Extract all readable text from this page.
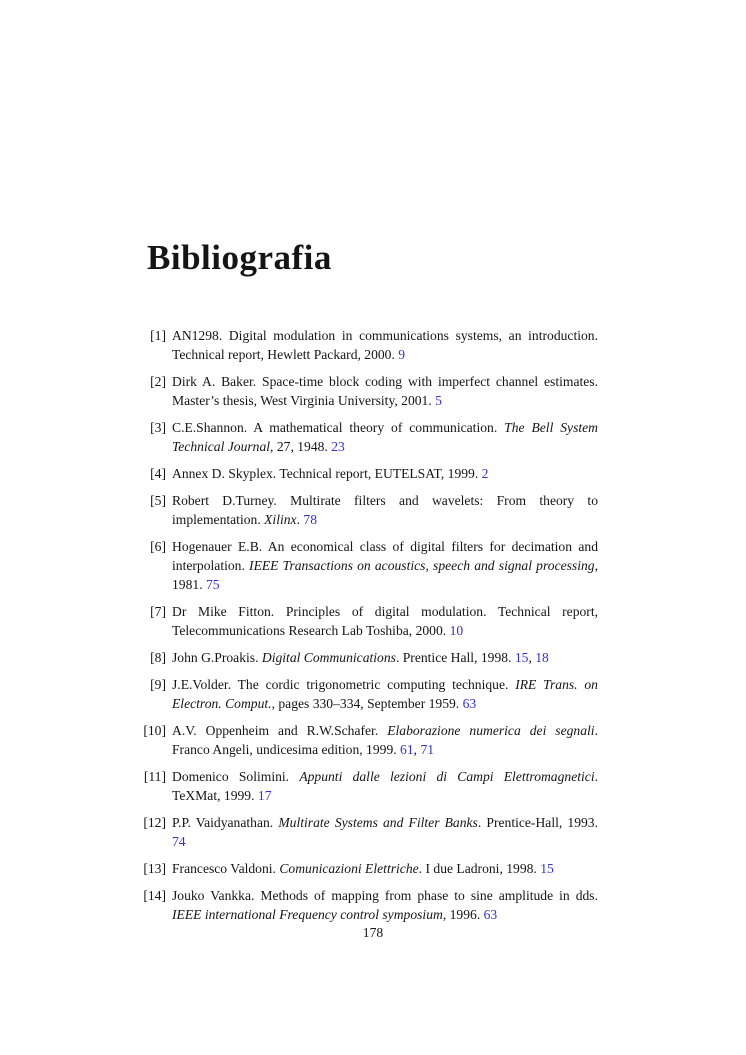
Bibliografia
[1] AN1298. Digital modulation in communications systems, an introduction. Technical report, Hewlett Packard, 2000. 9
[2] Dirk A. Baker. Space-time block coding with imperfect channel estimates. Master’s thesis, West Virginia University, 2001. 5
[3] C.E.Shannon. A mathematical theory of communication. The Bell System Technical Journal, 27, 1948. 23
[4] Annex D. Skyplex. Technical report, EUTELSAT, 1999. 2
[5] Robert D.Turney. Multirate filters and wavelets: From theory to implementation. Xilinx. 78
[6] Hogenauer E.B. An economical class of digital filters for decimation and interpolation. IEEE Transactions on acoustics, speech and signal processing, 1981. 75
[7] Dr Mike Fitton. Principles of digital modulation. Technical report, Telecommunications Research Lab Toshiba, 2000. 10
[8] John G.Proakis. Digital Communications. Prentice Hall, 1998. 15, 18
[9] J.E.Volder. The cordic trigonometric computing technique. IRE Trans. on Electron. Comput., pages 330–334, September 1959. 63
[10] A.V. Oppenheim and R.W.Schafer. Elaborazione numerica dei segnali. Franco Angeli, undicesima edition, 1999. 61, 71
[11] Domenico Solimini. Appunti dalle lezioni di Campi Elettromagnetici. TeXMat, 1999. 17
[12] P.P. Vaidyanathan. Multirate Systems and Filter Banks. Prentice-Hall, 1993. 74
[13] Francesco Valdoni. Comunicazioni Elettriche. I due Ladroni, 1998. 15
[14] Jouko Vankka. Methods of mapping from phase to sine amplitude in dds. IEEE international Frequency control symposium, 1996. 63
178
